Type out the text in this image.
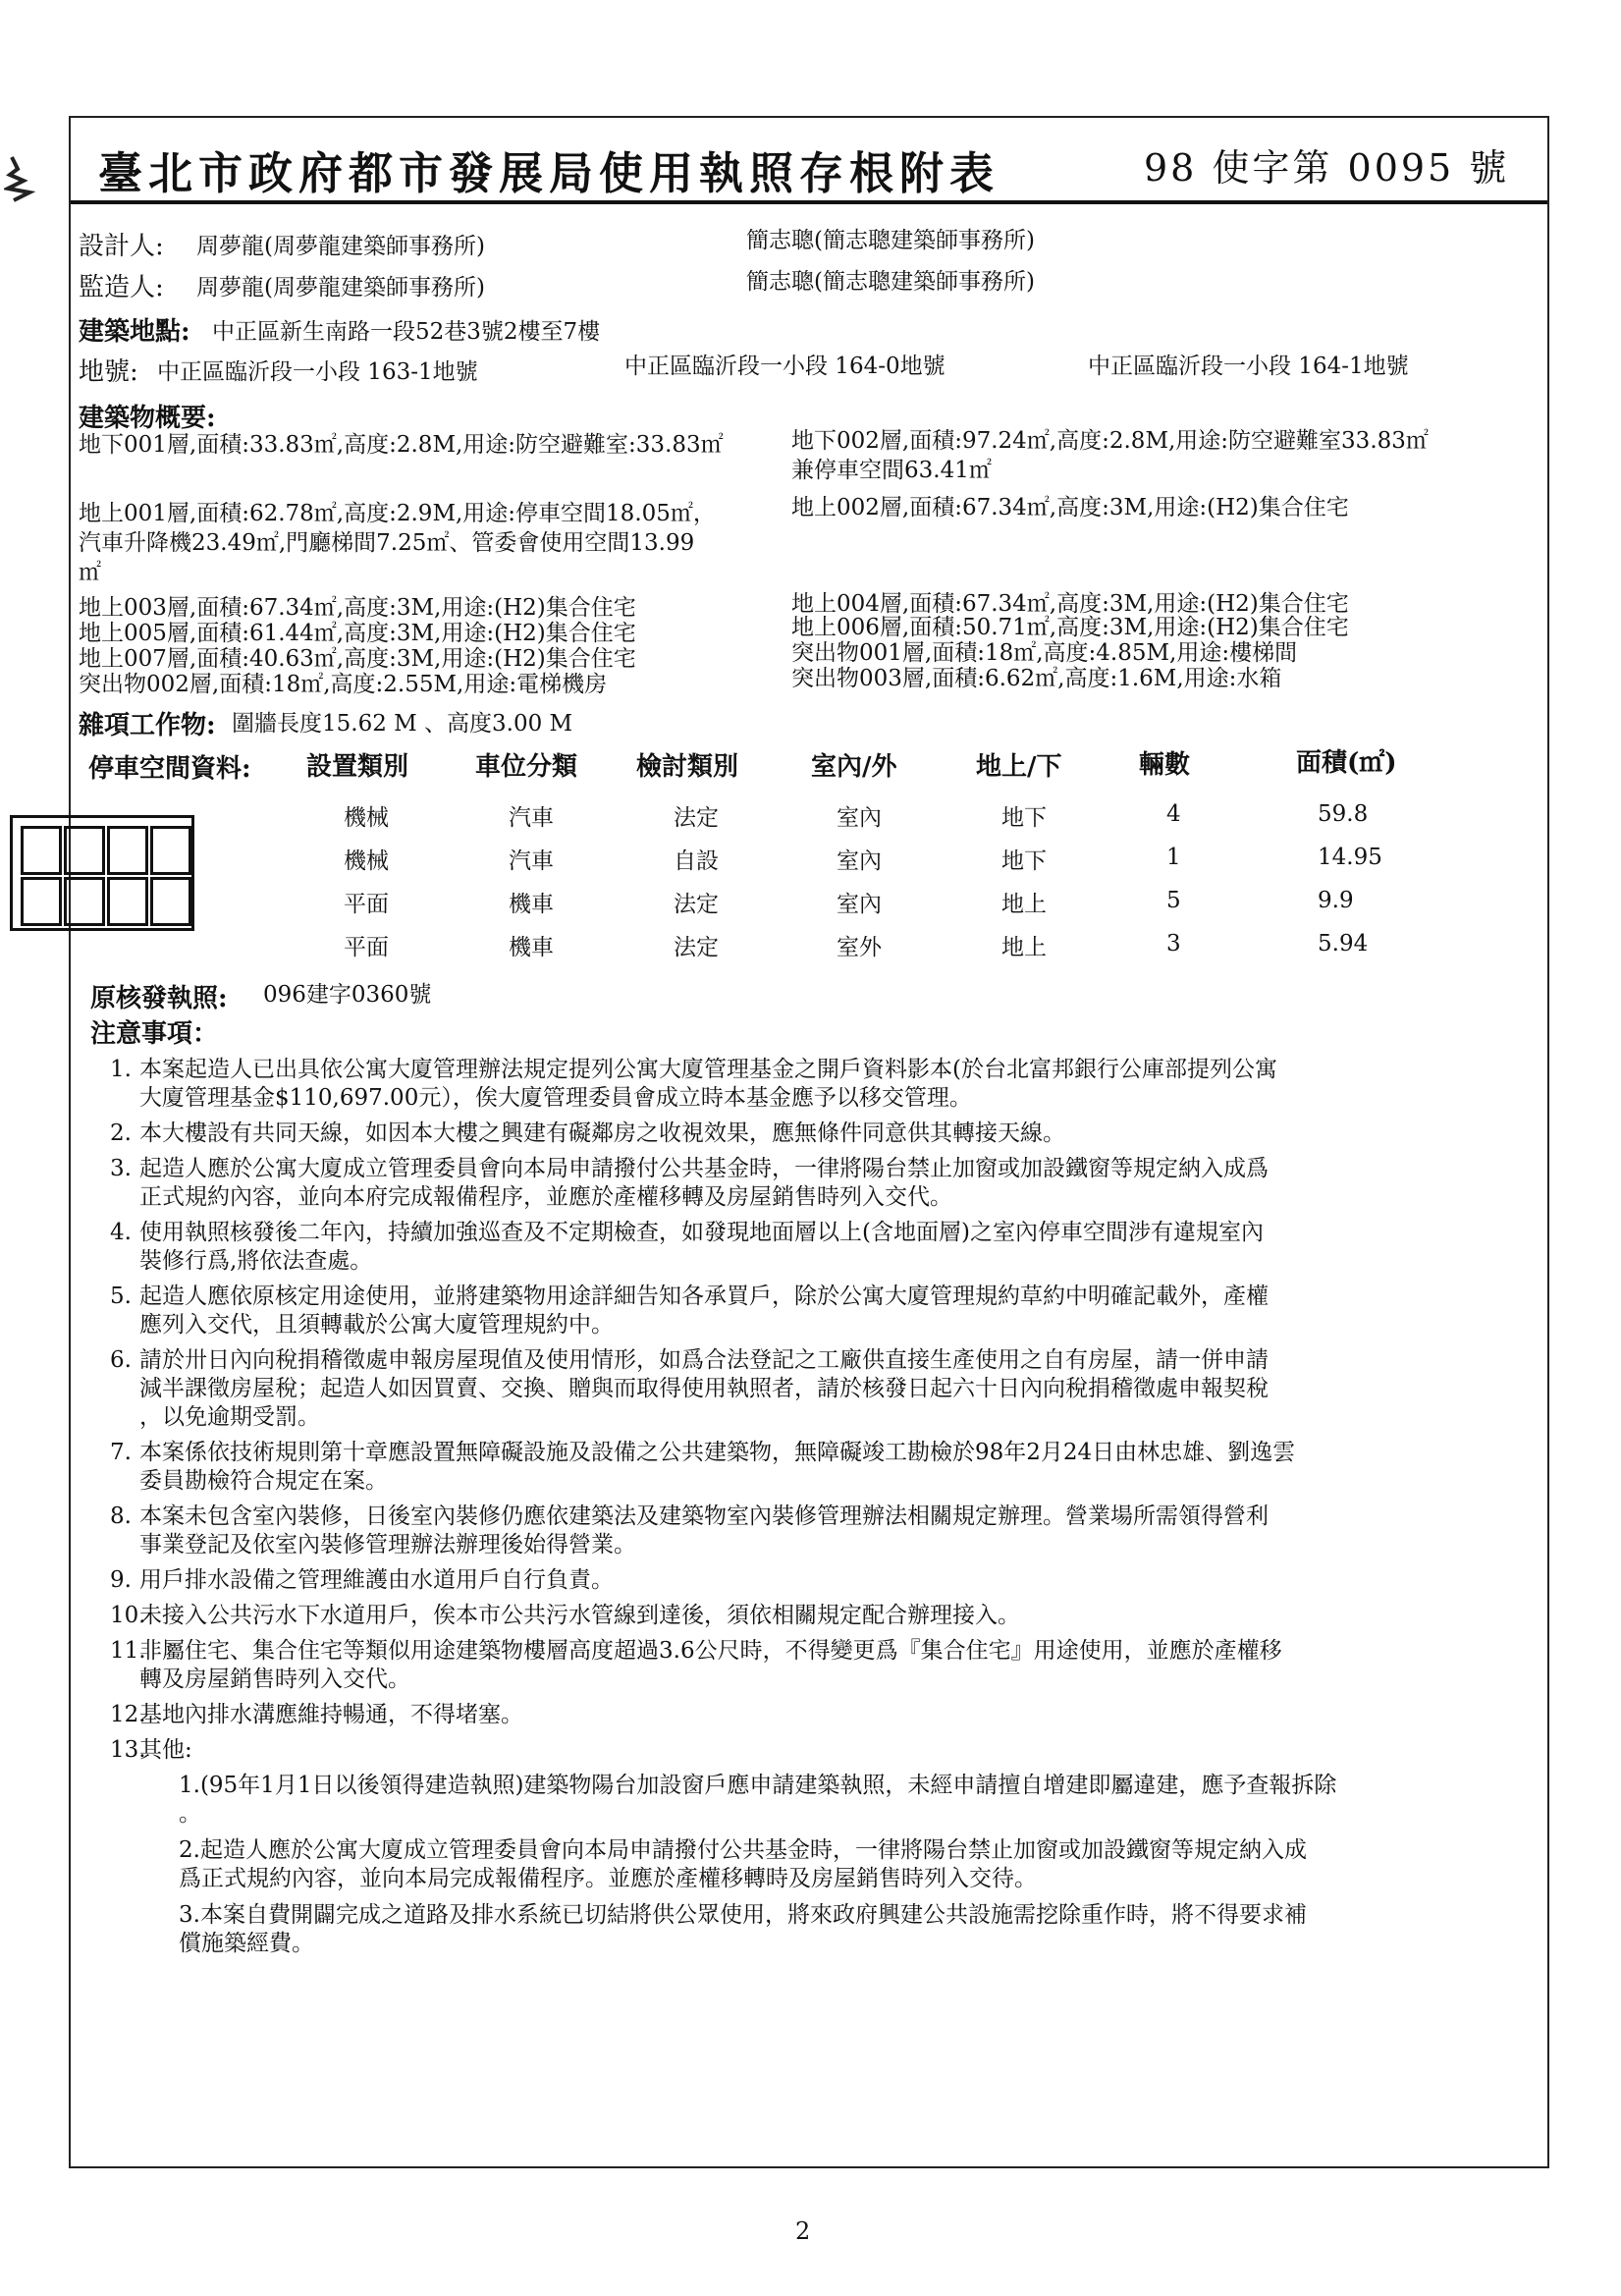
臺北市政府都市發展局使用執照存根附表	98 使字第 0095 號
設計人: 周夢龍(周夢龍建築師事務所)	簡志聰(簡志聰建築師事務所)
監造人: 周夢龍(周夢龍建築師事務所)	簡志聰(簡志聰建築師事務所)
建築地點: 中正區新生南路一段52巷3號2樓至7樓
地號: 中正區臨沂段一小段 163-1地號	中正區臨沂段一小段 164-0地號	中正區臨沂段一小段 164-1地號
建築物概要:
地下001層,面積:33.83㎡,高度:2.8M,用途:防空避難室:33.83㎡	地下002層,面積:97.24㎡,高度:2.8M,用途:防空避難室33.83㎡
兼停車空間63.41㎡
地上001層,面積:62.78㎡,高度:2.9M,用途:停車空間18.05㎡，	地上002層,面積:67.34㎡,高度:3M,用途:(H2)集合住宅
汽車升降機23.49㎡,門廳梯間7.25㎡、管委會使用空間13.99
㎡
地上003層,面積:67.34㎡,高度:3M,用途:(H2)集合住宅	地上004層,面積:67.34㎡,高度:3M,用途:(H2)集合住宅
地上005層,面積:61.44㎡,高度:3M,用途:(H2)集合住宅	地上006層,面積:50.71㎡,高度:3M,用途:(H2)集合住宅
地上007層,面積:40.63㎡,高度:3M,用途:(H2)集合住宅	突出物001層,面積:18㎡,高度:4.85M,用途:樓梯間
突出物002層,面積:18㎡,高度:2.55M,用途:電梯機房	突出物003層,面積:6.62㎡,高度:1.6M,用途:水箱
雜項工作物: 圍牆長度15.62 M 、高度3.00 M
停車空間資料: 設置類別	車位分類 檢討類別	室內/外	地上/下	輛數	面積(㎡)
機械	汽車	法定	室內	地下	4	59.8
機械	汽車	自設	室內	地下	1	14.95
平面	機車	法定	室內	地上	5	9.9
平面	機車	法定	室外	地上	3	5.94
原核發執照: 096建字0360號
注意事項：
1. 本案起造人已出具依公寓大廈管理辦法規定提列公寓大廈管理基金之開戶資料影本(於台北富邦銀行公庫部提列公寓
大廈管理基金$110,697.00元），俟大廈管理委員會成立時本基金應予以移交管理。
2. 本大樓設有共同天線，如因本大樓之興建有礙鄰房之收視效果，應無條件同意供其轉接天線。
3. 起造人應於公寓大廈成立管理委員會向本局申請撥付公共基金時，一律將陽台禁止加窗或加設鐵窗等規定納入成爲
正式規約內容，並向本府完成報備程序，並應於產權移轉及房屋銷售時列入交代。
4. 使用執照核發後二年內，持續加強巡查及不定期檢查，如發現地面層以上(含地面層)之室內停車空間涉有違規室內
裝修行爲,將依法查處。
5. 起造人應依原核定用途使用，並將建築物用途詳細告知各承買戶，除於公寓大廈管理規約草約中明確記載外，產權
應列入交代，且須轉載於公寓大廈管理規約中。
6. 請於卅日內向稅捐稽徵處申報房屋現值及使用情形，如爲合法登記之工廠供直接生產使用之自有房屋，請一併申請
減半課徵房屋稅；起造人如因買賣、交換、贈與而取得使用執照者，請於核發日起六十日內向稅捐稽徵處申報契稅
，以免逾期受罰。
7. 本案係依技術規則第十章應設置無障礙設施及設備之公共建築物，無障礙竣工勘檢於98年2月24日由林忠雄、劉逸雲
委員勘檢符合規定在案。
8. 本案未包含室內裝修，日後室內裝修仍應依建築法及建築物室內裝修管理辦法相關規定辦理。營業場所需領得營利
事業登記及依室內裝修管理辦法辦理後始得營業。
9. 用戶排水設備之管理維護由水道用戶自行負責。
10.
未接入公共污水下水道用戶，俟本市公共污水管線到達後，須依相關規定配合辦理接入。
11.
非屬住宅、集合住宅等類似用途建築物樓層高度超過3.6公尺時，不得變更爲『集合住宅』用途使用，並應於產權移
轉及房屋銷售時列入交代。
12.
基地內排水溝應維持暢通，不得堵塞。
13.
其他:
1.(95年1月1日以後領得建造執照)建築物陽台加設窗戶應申請建築執照，未經申請擅自增建即屬違建，應予查報拆除
。
2.起造人應於公寓大廈成立管理委員會向本局申請撥付公共基金時，一律將陽台禁止加窗或加設鐵窗等規定納入成
爲正式規約內容，並向本局完成報備程序。並應於產權移轉時及房屋銷售時列入交待。
3.本案自費開闢完成之道路及排水系統已切結將供公眾使用，將來政府興建公共設施需挖除重作時，將不得要求補
償施築經費。
2
